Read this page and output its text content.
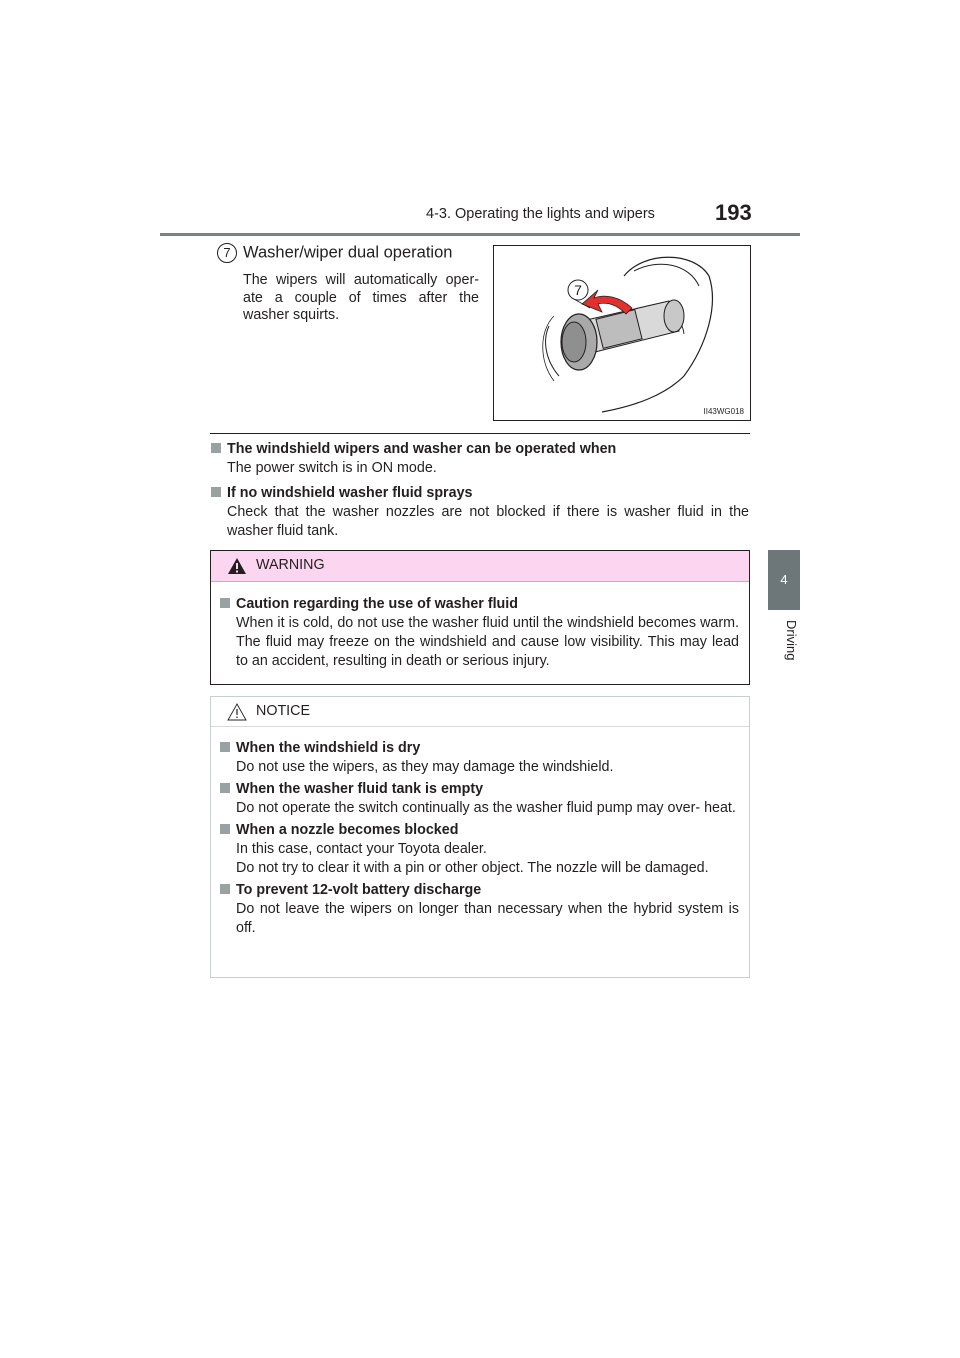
4-3. Operating the lights and wipers	193
4
Driving
7 Washer/wiper dual operation
The wipers will automatically oper- ate a couple of times after the washer squirts.
7
II43WG018
The windshield wipers and washer can be operated when
The power switch is in ON mode.
If no windshield washer fluid sprays
Check that the washer nozzles are not blocked if there is washer fluid in the washer fluid tank.
WARNING
Caution regarding the use of washer fluid
When it is cold, do not use the washer fluid until the windshield becomes warm. The fluid may freeze on the windshield and cause low visibility. This may lead to an accident, resulting in death or serious injury.
NOTICE
When the windshield is dry
Do not use the wipers, as they may damage the windshield.
When the washer fluid tank is empty
Do not operate the switch continually as the washer fluid pump may over- heat.
When a nozzle becomes blocked
In this case, contact your Toyota dealer.
Do not try to clear it with a pin or other object. The nozzle will be damaged.
To prevent 12-volt battery discharge
Do not leave the wipers on longer than necessary when the hybrid system is off.
